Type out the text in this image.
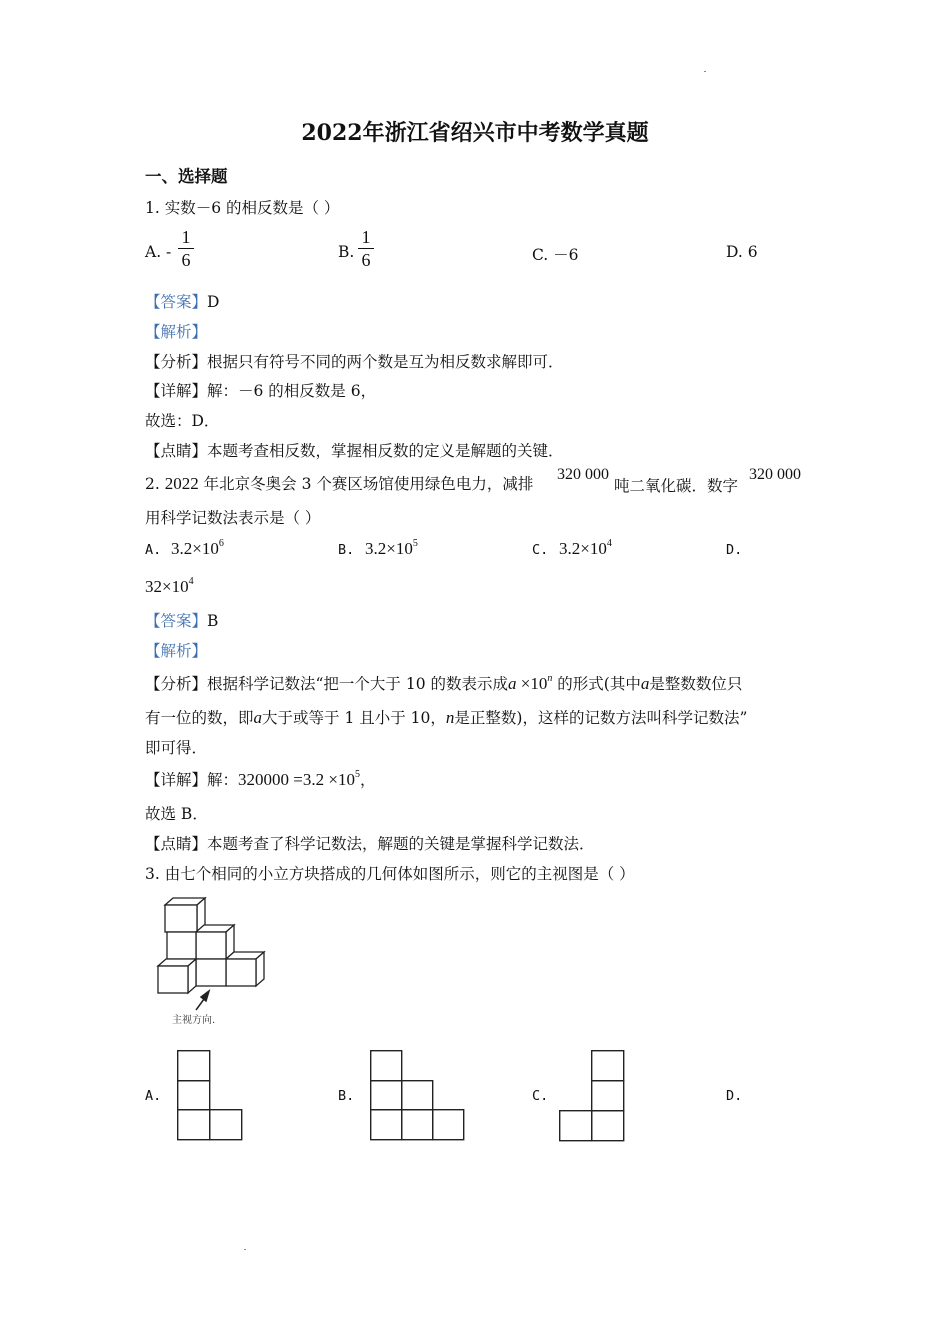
2022年浙江省绍兴市中考数学真题
一、选择题
1. 实数－6 的相反数是（ ）
A. -
1
6	B.
1
6	C. －6	D. 6
【答案】D
【解析】
【分析】根据只有符号不同的两个数是互为相反数求解即可．
【详解】解：－6 的相反数是 6，
故选：D．
【点睛】本题考查相反数，掌握相反数的定义是解题的关键．
2. 2022 年北京冬奥会 3 个赛区场馆使用绿色电力，减排
320 000
吨二氧化碳．数字
320 000
用科学记数法表示是（ ）
A. $3.2\times 10^6$	B. $3.2\times 10^5$	C. $3.2\times 10^4$	D.
$32\times 10^4$
【答案】B
【解析】
【分析】根据科学记数法“把一个大于 10 的数表示成$a \times 10^n$ 的形式(其中a是整数数位只
有一位的数，即a大于或等于 1 且小于 10，n是正整数)，这样的记数方法叫科学记数法”
即可得．
【详解】解：$320000 =3.2 \times 10^5$，
故选 B．
【点睛】本题考查了科学记数法，解题的关键是掌握科学记数法．
3. 由七个相同的小立方块搭成的几何体如图所示，则它的主视图是（ ）
主视方向.
A.	B.	C.	D.
